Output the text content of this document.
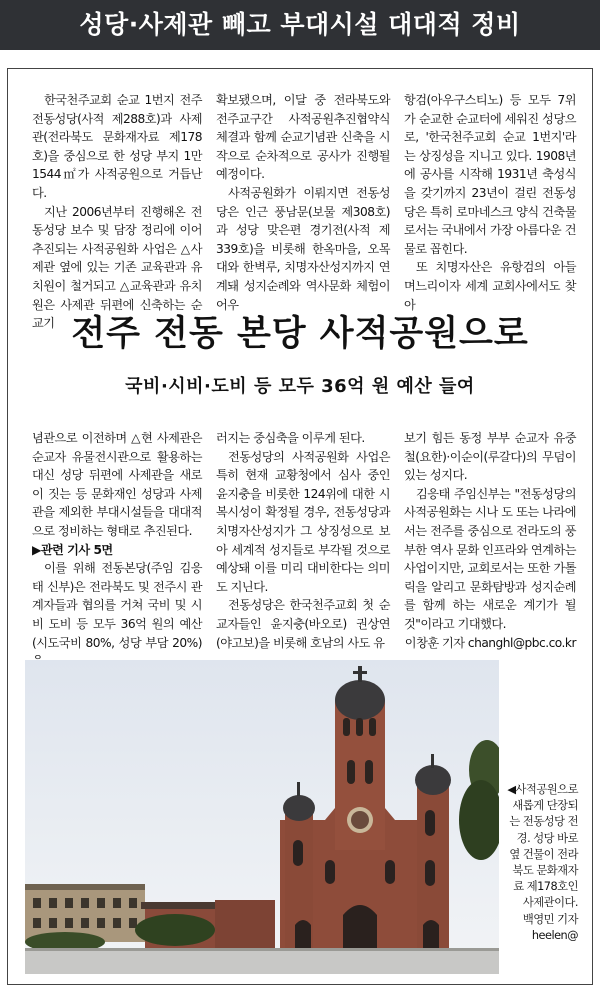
성당·사제관 빼고 부대시설 대대적 정비

한국천주교회 순교 1번지 전주 전동성당(사적 제288호)과 사제관(전라북도 문화재자료 제178호)을 중심으로 한 성당 부지 1만1544㎡가 사적공원으로 거듭난다.

지난 2006년부터 진행해온 전동성당 보수 및 담장 정리에 이어 추진되는 사적공원화 사업은 △사제관 옆에 있는 기존 교육관과 유치원이 철거되고 △교육관과 유치원은 사제관 뒤편에 신축하는 순교기

확보됐으며, 이달 중 전라북도와 전주교구간 사적공원추진협약식 체결과 함께 순교기념관 신축을 시작으로 순차적으로 공사가 진행될 예정이다.

사적공원화가 이뤄지면 전동성당은 인근 풍남문(보물 제308호)과 성당 맞은편 경기전(사적 제339호)을 비롯해 한옥마을, 오목대와 한벽루, 치명자산성지까지 연계돼 성지순례와 역사문화 체험이 어우

항검(아우구스티노) 등 모두 7위가 순교한 순교터에 세워진 성당으로, '한국천주교회 순교 1번지'라는 상징성을 지니고 있다. 1908년에 공사를 시작해 1931년 축성식을 갖기까지 23년이 걸린 전동성당은 특히 로마네스크 양식 건축물로서는 국내에서 가장 아름다운 건물로 꼽힌다.

또 치명자산은 유항검의 아들 며느리이자 세계 교회사에서도 찾아

전주 전동 본당 사적공원으로
국비·시비·도비 등 모두 36억 원 예산 들여

념관으로 이전하며 △현 사제관은 순교자 유물전시관으로 활용하는 대신 성당 뒤편에 사제관을 새로이 짓는 등 문화재인 성당과 사제관을 제외한 부대시설들을 대대적으로 정비하는 형태로 추진된다.

▶관련 기사 5면

이를 위해 전동본당(주임 김응태 신부)은 전라북도 및 전주시 관계자들과 협의를 거쳐 국비 및 시비 도비 등 모두 36억 원의 예산(시도국비 80%, 성당 부담 20%)

러지는 중심축을 이루게 된다.

전동성당의 사적공원화 사업은 특히 현재 교황청에서 심사 중인 윤지충을 비롯한 124위에 대한 시복시성이 확정될 경우, 전동성당과 치명자산성지가 그 상징성으로 보아 세계적 성지들로 부각될 것으로 예상돼 이를 미리 대비한다는 의미도 지닌다.

전동성당은 한국천주교회 첫 순교자들인 윤지충(바오로) 권상연(야고보)을 비롯해 호남의 사도 유

보기 힘든 동정 부부 순교자 유중철(요한)·이순이(루갈다)의 무덤이 있는 성지다.

김응태 주임신부는 "전동성당의 사적공원화는 시나 도 또는 나라에서는 전주를 중심으로 전라도의 풍부한 역사 문화 인프라와 연계하는 사업이지만, 교회로서는 또한 가톨릭을 알리고 문화탐방과 성지순례를 함께 하는 새로운 계기가 될 것"이라고 기대했다.

이창훈 기자 changhl@pbc.co.kr

◀사적공원으로 새롭게 단장되는 전동성당 전경. 성당 바로 옆 건물이 전라북도 문화재자료 제178호인 사제관이다.
백영민 기자 heelen@
